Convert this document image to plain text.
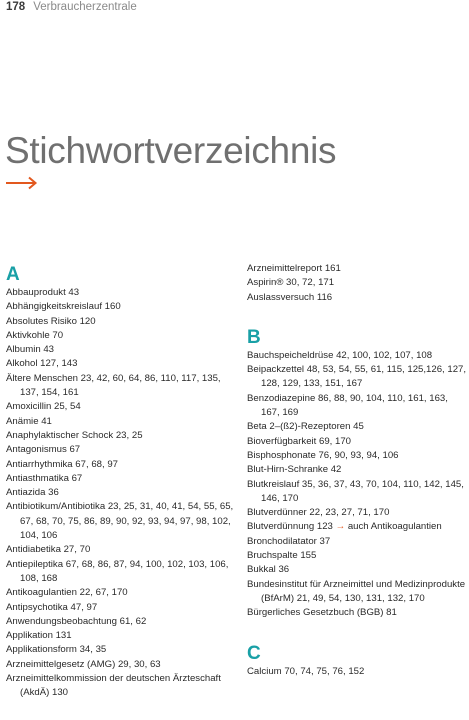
178 Verbraucherzentrale
Stichwortverzeichnis
A
Abbauprodukt 43
Abhängigkeitskreislauf 160
Absolutes Risiko 120
Aktivkohle 70
Albumin 43
Alkohol 127, 143
Ältere Menschen 23, 42, 60, 64, 86, 110, 117, 135, 137, 154, 161
Amoxicillin 25, 54
Anämie 41
Anaphylaktischer Schock 23, 25
Antagonismus 67
Antiarrhythmika 67, 68, 97
Antiasthmatika 67
Antiazida 36
Antibiotikum/Antibiotika 23, 25, 31, 40, 41, 54, 55, 65, 67, 68, 70, 75, 86, 89, 90, 92, 93, 94, 97, 98, 102, 104, 106
Antidiabetika 27, 70
Antiepileptika 67, 68, 86, 87, 94, 100, 102, 103, 106, 108, 168
Antikoagulantien 22, 67, 170
Antipsychotika 47, 97
Anwendungsbeobachtung 61, 62
Applikation 131
Applikationsform 34, 35
Arzneimittelgesetz (AMG) 29, 30, 63
Arzneimittelkommission der deutschen Ärzteschaft (AkdÄ) 130
Arzneimittelreport 161
Aspirin® 30, 72, 171
Auslassversuch 116
B
Bauchspeicheldrüse 42, 100, 102, 107, 108
Beipackzettel 48, 53, 54, 55, 61, 115, 125,126, 127, 128, 129, 133, 151, 167
Benzodiazepine 86, 88, 90, 104, 110, 161, 163, 167, 169
Beta 2–(ß2)-Rezeptoren 45
Bioverfügbarkeit 69, 170
Bisphosphonate 76, 90, 93, 94, 106
Blut-Hirn-Schranke 42
Blutkreislauf 35, 36, 37, 43, 70, 104, 110, 142, 145, 146, 170
Blutverdünner 22, 23, 27, 71, 170
Blutverdünnung 123 → auch Antikoagulantien
Bronchodilatator 37
Bruchspalte 155
Bukkal 36
Bundesinstitut für Arzneimittel und Medizinprodukte (BfArM) 21, 49, 54, 130, 131, 132, 170
Bürgerliches Gesetzbuch (BGB) 81
C
Calcium 70, 74, 75, 76, 152
